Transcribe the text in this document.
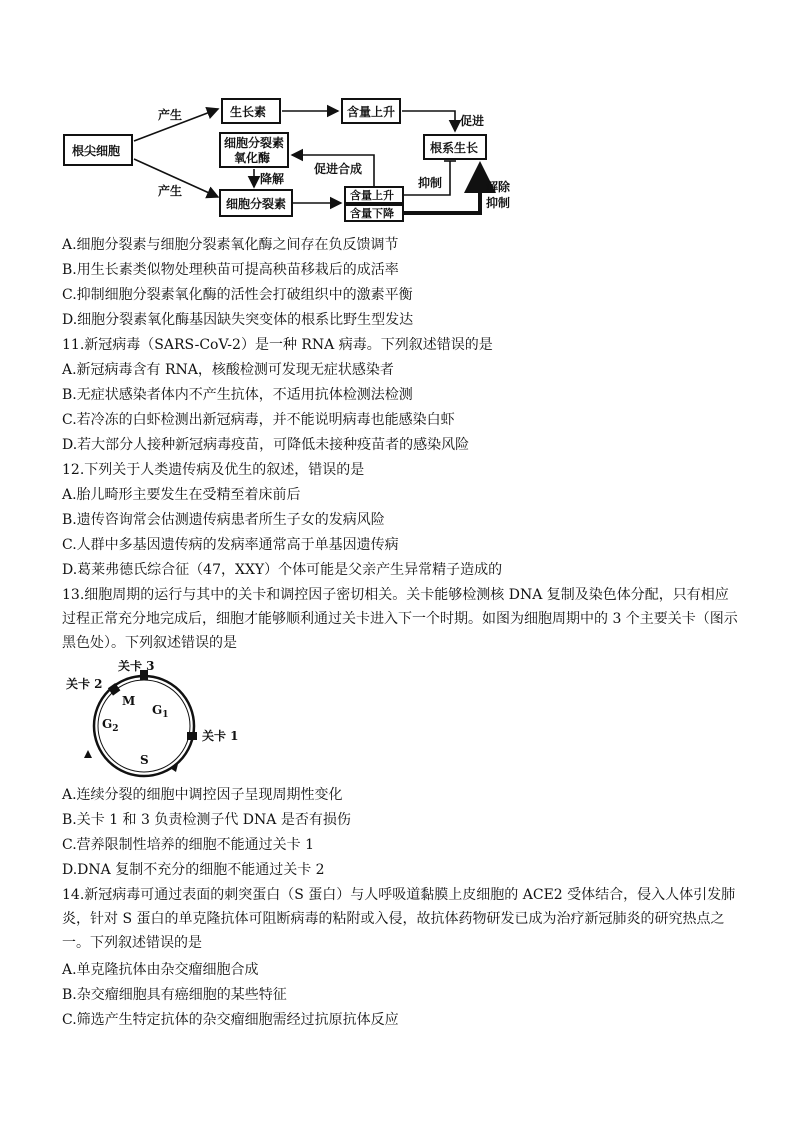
根尖细胞
生长素	含量上升
细胞分裂素
氧化酶
细胞分裂素
含量上升
含量下降
根系生长
产生
产生
促进
促进合成
降解	抑制	解除
抑制
A.细胞分裂素与细胞分裂素氧化酶之间存在负反馈调节
B.用生长素类似物处理秧苗可提高秧苗移栽后的成活率
C.抑制细胞分裂素氧化酶的活性会打破组织中的激素平衡
D.细胞分裂素氧化酶基因缺失突变体的根系比野生型发达
11.新冠病毒（SARS-CoV-2）是一种 RNA 病毒。下列叙述错误的是
A.新冠病毒含有 RNA，核酸检测可发现无症状感染者
B.无症状感染者体内不产生抗体，不适用抗体检测法检测
C.若冷冻的白虾检测出新冠病毒，并不能说明病毒也能感染白虾
D.若大部分人接种新冠病毒疫苗，可降低未接种疫苗者的感染风险
12.下列关于人类遗传病及优生的叙述，错误的是
A.胎儿畸形主要发生在受精至着床前后
B.遗传咨询常会估测遗传病患者所生子女的发病风险
C.人群中多基因遗传病的发病率通常高于单基因遗传病
D.葛莱弗德氏综合征（47，XXY）个体可能是父亲产生异常精子造成的
13.细胞周期的运行与其中的关卡和调控因子密切相关。关卡能够检测核 DNA 复制及染色体分配，只有相应过程正常充分地完成后，细胞才能够顺利通过关卡进入下一个时期。如图为细胞周期中的 3 个主要关卡（图示黑色处）。下列叙述错误的是
关卡 3
关卡 2
关卡 1
M
$G_1$
$G_2$
S
A.连续分裂的细胞中调控因子呈现周期性变化
B.关卡 1 和 3 负责检测子代 DNA 是否有损伤
C.营养限制性培养的细胞不能通过关卡 1
D.DNA 复制不充分的细胞不能通过关卡 2
14.新冠病毒可通过表面的刺突蛋白（S 蛋白）与人呼吸道黏膜上皮细胞的 ACE2 受体结合，侵入人体引发肺炎，针对 S 蛋白的单克隆抗体可阻断病毒的粘附或入侵，故抗体药物研发已成为治疗新冠肺炎的研究热点之一。下列叙述错误的是
A.单克隆抗体由杂交瘤细胞合成
B.杂交瘤细胞具有癌细胞的某些特征
C.筛选产生特定抗体的杂交瘤细胞需经过抗原抗体反应
